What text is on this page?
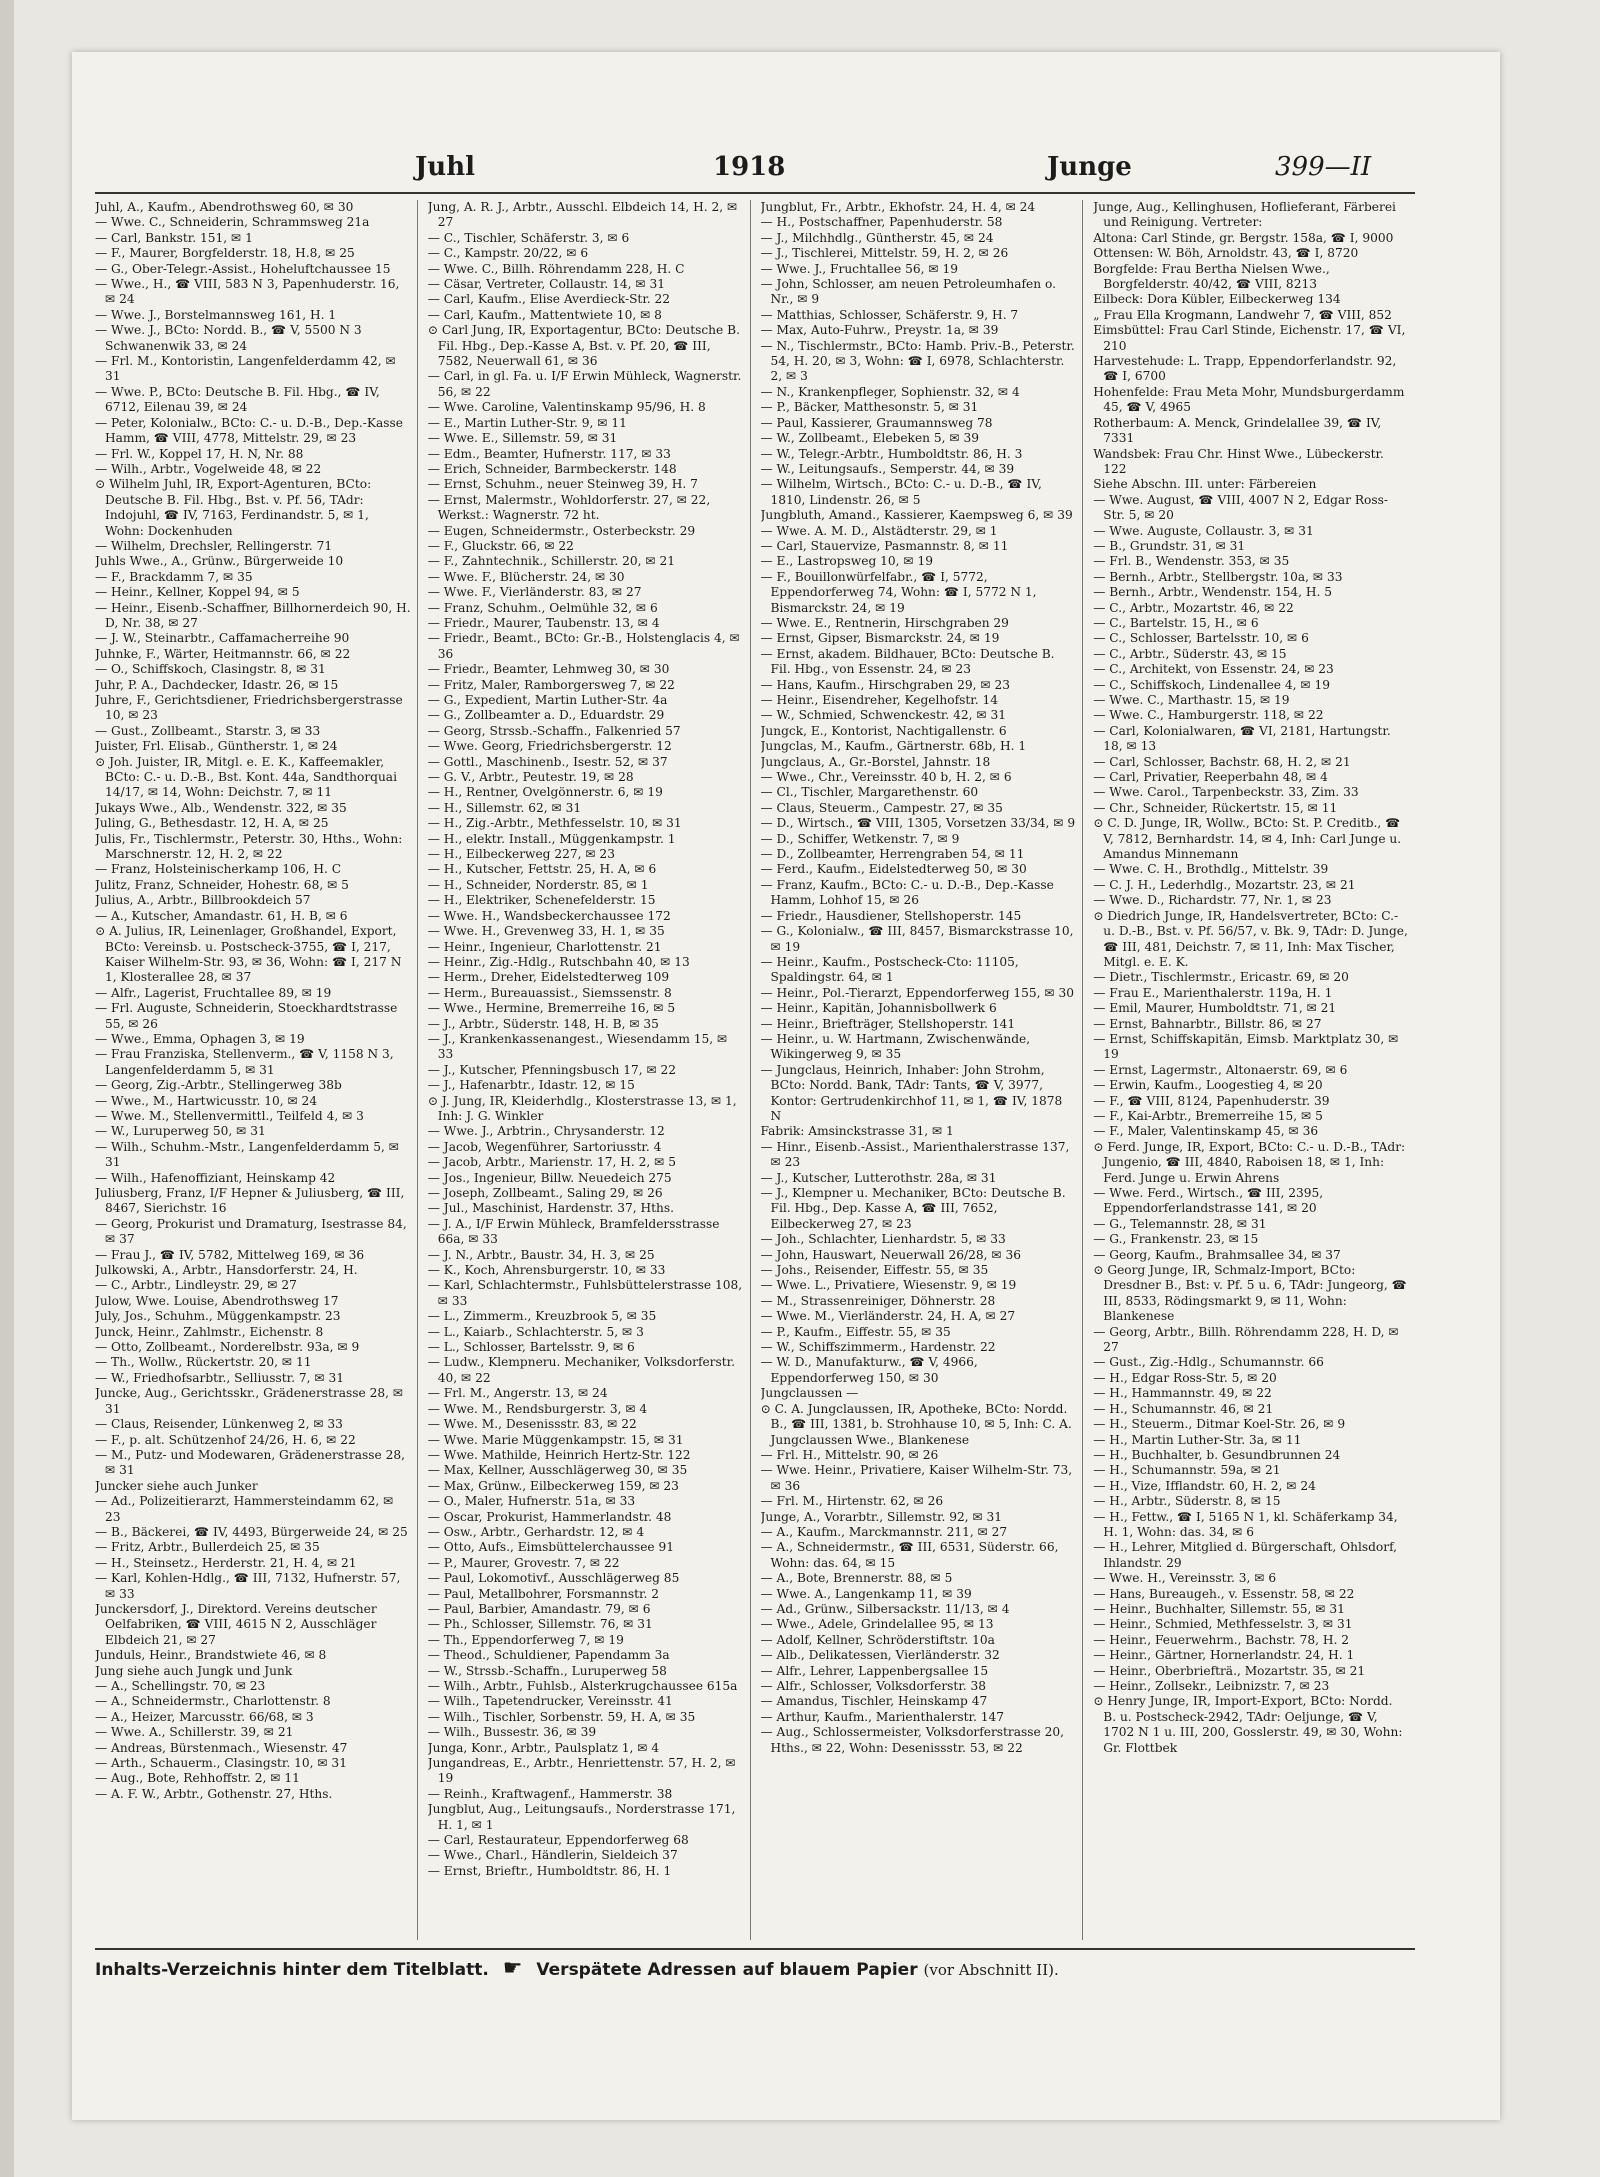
Juhl	1918	Junge	399—II

Juhl, A., Kaufm., Abendrothsweg 60, ✉ 30

— Wwe. C., Schneiderin, Schrammsweg 21a

— Carl, Bankstr. 151, ✉ 1

— F., Maurer, Borgfelderstr. 18, H.8, ✉ 25

— G., Ober-Telegr.-Assist., Hoheluftchaussee 15

— Wwe., H., ☎ VIII, 583 N 3, Papenhuderstr. 16, ✉ 24

— Wwe. J., Borstelmannsweg 161, H. 1

— Wwe. J., BCto: Nordd. B., ☎ V, 5500 N 3 Schwanenwik 33, ✉ 24

— Frl. M., Kontoristin, Langenfelderdamm 42, ✉ 31

— Wwe. P., BCto: Deutsche B. Fil. Hbg., ☎ IV, 6712, Eilenau 39, ✉ 24

— Peter, Kolonialw., BCto: C.- u. D.-B., Dep.-Kasse Hamm, ☎ VIII, 4778, Mittelstr. 29, ✉ 23

— Frl. W., Koppel 17, H. N, Nr. 88

— Wilh., Arbtr., Vogelweide 48, ✉ 22

⊙ Wilhelm Juhl, IR, Export-Agenturen, BCto: Deutsche B. Fil. Hbg., Bst. v. Pf. 56, TAdr: Indojuhl, ☎ IV, 7163, Ferdinandstr. 5, ✉ 1, Wohn: Dockenhuden

— Wilhelm, Drechsler, Rellingerstr. 71

Juhls Wwe., A., Grünw., Bürgerweide 10

— F., Brackdamm 7, ✉ 35

— Heinr., Kellner, Koppel 94, ✉ 5

— Heinr., Eisenb.-Schaffner, Billhornerdeich 90, H. D, Nr. 38, ✉ 27

— J. W., Steinarbtr., Caffamacherreihe 90

Juhnke, F., Wärter, Heitmannstr. 66, ✉ 22

— O., Schiffskoch, Clasingstr. 8, ✉ 31

Juhr, P. A., Dachdecker, Idastr. 26, ✉ 15

Juhre, F., Gerichtsdiener, Friedrichsbergerstrasse 10, ✉ 23

— Gust., Zollbeamt., Starstr. 3, ✉ 33

Juister, Frl. Elisab., Güntherstr. 1, ✉ 24

⊙ Joh. Juister, IR, Mitgl. e. E. K., Kaffeemakler, BCto: C.- u. D.-B., Bst. Kont. 44a, Sandthorquai 14/17, ✉ 14, Wohn: Deichstr. 7, ✉ 11

Jukays Wwe., Alb., Wendenstr. 322, ✉ 35

Juling, G., Bethesdastr. 12, H. A, ✉ 25

Julis, Fr., Tischlermstr., Peterstr. 30, Hths., Wohn: Marschnerstr. 12, H. 2, ✉ 22

— Franz, Holsteinischerkamp 106, H. C

Julitz, Franz, Schneider, Hohestr. 68, ✉ 5

Julius, A., Arbtr., Billbrookdeich 57

— A., Kutscher, Amandastr. 61, H. B, ✉ 6

⊙ A. Julius, IR, Leinenlager, Großhandel, Export, BCto: Vereinsb. u. Postscheck-3755, ☎ I, 217, Kaiser Wilhelm-Str. 93, ✉ 36, Wohn: ☎ I, 217 N 1, Klosterallee 28, ✉ 37

— Alfr., Lagerist, Fruchtallee 89, ✉ 19

— Frl. Auguste, Schneiderin, Stoeckhardtstrasse 55, ✉ 26

— Wwe., Emma, Ophagen 3, ✉ 19

— Frau Franziska, Stellenverm., ☎ V, 1158 N 3, Langenfelderdamm 5, ✉ 31

— Georg, Zig.-Arbtr., Stellingerweg 38b

— Wwe., M., Hartwicusstr. 10, ✉ 24

— Wwe. M., Stellenvermittl., Teilfeld 4, ✉ 3

— W., Luruperweg 50, ✉ 31

— Wilh., Schuhm.-Mstr., Langenfelderdamm 5, ✉ 31

— Wilh., Hafenoffiziant, Heinskamp 42

Juliusberg, Franz, I/F Hepner & Juliusberg, ☎ III, 8467, Sierichstr. 16

— Georg, Prokurist und Dramaturg, Isestrasse 84, ✉ 37

— Frau J., ☎ IV, 5782, Mittelweg 169, ✉ 36

Julkowski, A., Arbtr., Hansdorferstr. 24, H.

— C., Arbtr., Lindleystr. 29, ✉ 27

Julow, Wwe. Louise, Abendrothsweg 17

July, Jos., Schuhm., Müggenkampstr. 23

Junck, Heinr., Zahlmstr., Eichenstr. 8

— Otto, Zollbeamt., Norderelbstr. 93a, ✉ 9

— Th., Wollw., Rückertstr. 20, ✉ 11

— W., Friedhofsarbtr., Selliusstr. 7, ✉ 31

Juncke, Aug., Gerichtsskr., Grädenerstrasse 28, ✉ 31

— Claus, Reisender, Lünkenweg 2, ✉ 33

— F., p. alt. Schützenhof 24/26, H. 6, ✉ 22

— M., Putz- und Modewaren, Grädenerstrasse 28, ✉ 31

Juncker siehe auch Junker

— Ad., Polizeitierarzt, Hammersteindamm 62, ✉ 23

— B., Bäckerei, ☎ IV, 4493, Bürgerweide 24, ✉ 25

— Fritz, Arbtr., Bullerdeich 25, ✉ 35

— H., Steinsetz., Herderstr. 21, H. 4, ✉ 21

— Karl, Kohlen-Hdlg., ☎ III, 7132, Hufnerstr. 57, ✉ 33

Junckersdorf, J., Direktord. Vereins deutscher Oelfabriken, ☎ VIII, 4615 N 2, Ausschläger Elbdeich 21, ✉ 27

Junduls, Heinr., Brandstwiete 46, ✉ 8

Jung siehe auch Jungk und Junk

— A., Schellingstr. 70, ✉ 23

— A., Schneidermstr., Charlottenstr. 8

— A., Heizer, Marcusstr. 66/68, ✉ 3

— Wwe. A., Schillerstr. 39, ✉ 21

— Andreas, Bürstenmach., Wiesenstr. 47

— Arth., Schauerm., Clasingstr. 10, ✉ 31

— Aug., Bote, Rehhoffstr. 2, ✉ 11

— A. F. W., Arbtr., Gothenstr. 27, Hths.

Jung, A. R. J., Arbtr., Ausschl. Elbdeich 14, H. 2, ✉ 27

— C., Tischler, Schäferstr. 3, ✉ 6

— C., Kampstr. 20/22, ✉ 6

— Wwe. C., Billh. Röhrendamm 228, H. C

— Cäsar, Vertreter, Collaustr. 14, ✉ 31

— Carl, Kaufm., Elise Averdieck-Str. 22

— Carl, Kaufm., Mattentwiete 10, ✉ 8

⊙ Carl Jung, IR, Exportagentur, BCto: Deutsche B. Fil. Hbg., Dep.-Kasse A, Bst. v. Pf. 20, ☎ III, 7582, Neuerwall 61, ✉ 36

— Carl, in gl. Fa. u. I/F Erwin Mühleck, Wagnerstr. 56, ✉ 22

— Wwe. Caroline, Valentinskamp 95/96, H. 8

— E., Martin Luther-Str. 9, ✉ 11

— Wwe. E., Sillemstr. 59, ✉ 31

— Edm., Beamter, Hufnerstr. 117, ✉ 33

— Erich, Schneider, Barmbeckerstr. 148

— Ernst, Schuhm., neuer Steinweg 39, H. 7

— Ernst, Malermstr., Wohldorferstr. 27, ✉ 22, Werkst.: Wagnerstr. 72 ht.

— Eugen, Schneidermstr., Osterbeckstr. 29

— F., Gluckstr. 66, ✉ 22

— F., Zahntechnik., Schillerstr. 20, ✉ 21

— Wwe. F., Blücherstr. 24, ✉ 30

— Wwe. F., Vierländerstr. 83, ✉ 27

— Franz, Schuhm., Oelmühle 32, ✉ 6

— Friedr., Maurer, Taubenstr. 13, ✉ 4

— Friedr., Beamt., BCto: Gr.-B., Holstenglacis 4, ✉ 36

— Friedr., Beamter, Lehmweg 30, ✉ 30

— Fritz, Maler, Ramborgersweg 7, ✉ 22

— G., Expedient, Martin Luther-Str. 4a

— G., Zollbeamter a. D., Eduardstr. 29

— Georg, Strssb.-Schaffn., Falkenried 57

— Wwe. Georg, Friedrichsbergerstr. 12

— Gottl., Maschinenb., Isestr. 52, ✉ 37

— G. V., Arbtr., Peutestr. 19, ✉ 28

— H., Rentner, Ovelgönnerstr. 6, ✉ 19

— H., Sillemstr. 62, ✉ 31

— H., Zig.-Arbtr., Methfesselstr. 10, ✉ 31

— H., elektr. Install., Müggenkampstr. 1

— H., Eilbeckerweg 227, ✉ 23

— H., Kutscher, Fettstr. 25, H. A, ✉ 6

— H., Schneider, Norderstr. 85, ✉ 1

— H., Elektriker, Schenefelderstr. 15

— Wwe. H., Wandsbeckerchaussee 172

— Wwe. H., Grevenweg 33, H. 1, ✉ 35

— Heinr., Ingenieur, Charlottenstr. 21

— Heinr., Zig.-Hdlg., Rutschbahn 40, ✉ 13

— Herm., Dreher, Eidelstedterweg 109

— Herm., Bureauassist., Siemssenstr. 8

— Wwe., Hermine, Bremerreihe 16, ✉ 5

— J., Arbtr., Süderstr. 148, H. B, ✉ 35

— J., Krankenkassenangest., Wiesendamm 15, ✉ 33

— J., Kutscher, Pfenningsbusch 17, ✉ 22

— J., Hafenarbtr., Idastr. 12, ✉ 15

⊙ J. Jung, IR, Kleiderhdlg., Klosterstrasse 13, ✉ 1, Inh: J. G. Winkler

— Wwe. J., Arbtrin., Chrysanderstr. 12

— Jacob, Wegenführer, Sartoriusstr. 4

— Jacob, Arbtr., Marienstr. 17, H. 2, ✉ 5

— Jos., Ingenieur, Billw. Neuedeich 275

— Joseph, Zollbeamt., Saling 29, ✉ 26

— Jul., Maschinist, Hardenstr. 37, Hths.

— J. A., I/F Erwin Mühleck, Bramfeldersstrasse 66a, ✉ 33

— J. N., Arbtr., Baustr. 34, H. 3, ✉ 25

— K., Koch, Ahrensburgerstr. 10, ✉ 33

— Karl, Schlachtermstr., Fuhlsbüttelerstrasse 108, ✉ 33

— L., Zimmerm., Kreuzbrook 5, ✉ 35

— L., Kaiarb., Schlachterstr. 5, ✉ 3

— L., Schlosser, Bartelsstr. 9, ✉ 6

— Ludw., Klempneru. Mechaniker, Volksdorferstr. 40, ✉ 22

— Frl. M., Angerstr. 13, ✉ 24

— Wwe. M., Rendsburgerstr. 3, ✉ 4

— Wwe. M., Desenissstr. 83, ✉ 22

— Wwe. Marie Müggenkampstr. 15, ✉ 31

— Wwe. Mathilde, Heinrich Hertz-Str. 122

— Max, Kellner, Ausschlägerweg 30, ✉ 35

— Max, Grünw., Eilbeckerweg 159, ✉ 23

— O., Maler, Hufnerstr. 51a, ✉ 33

— Oscar, Prokurist, Hammerlandstr. 48

— Osw., Arbtr., Gerhardstr. 12, ✉ 4

— Otto, Aufs., Eimsbüttelerchaussee 91

— P., Maurer, Grovestr. 7, ✉ 22

— Paul, Lokomotivf., Ausschlägerweg 85

— Paul, Metallbohrer, Forsmannstr. 2

— Paul, Barbier, Amandastr. 79, ✉ 6

— Ph., Schlosser, Sillemstr. 76, ✉ 31

— Th., Eppendorferweg 7, ✉ 19

— Theod., Schuldiener, Papendamm 3a

— W., Strssb.-Schaffn., Luruperweg 58

— Wilh., Arbtr., Fuhlsb., Alsterkrugchaussee 615a

— Wilh., Tapetendrucker, Vereinsstr. 41

— Wilh., Tischler, Sorbenstr. 59, H. A, ✉ 35

— Wilh., Bussestr. 36, ✉ 39

Junga, Konr., Arbtr., Paulsplatz 1, ✉ 4

Jungandreas, E., Arbtr., Henriettenstr. 57, H. 2, ✉ 19

— Reinh., Kraftwagenf., Hammerstr. 38

Jungblut, Aug., Leitungsaufs., Norderstrasse 171, H. 1, ✉ 1

— Carl, Restaurateur, Eppendorferweg 68

— Wwe., Charl., Händlerin, Sieldeich 37

— Ernst, Brieftr., Humboldtstr. 86, H. 1

Jungblut, Fr., Arbtr., Ekhofstr. 24, H. 4, ✉ 24

— H., Postschaffner, Papenhuderstr. 58

— J., Milchhdlg., Güntherstr. 45, ✉ 24

— J., Tischlerei, Mittelstr. 59, H. 2, ✉ 26

— Wwe. J., Fruchtallee 56, ✉ 19

— John, Schlosser, am neuen Petroleumhafen o. Nr., ✉ 9

— Matthias, Schlosser, Schäferstr. 9, H. 7

— Max, Auto-Fuhrw., Preystr. 1a, ✉ 39

— N., Tischlermstr., BCto: Hamb. Priv.-B., Peterstr. 54, H. 20, ✉ 3, Wohn: ☎ I, 6978, Schlachterstr. 2, ✉ 3

— N., Krankenpfleger, Sophienstr. 32, ✉ 4

— P., Bäcker, Matthesonstr. 5, ✉ 31

— Paul, Kassierer, Graumannsweg 78

— W., Zollbeamt., Elebeken 5, ✉ 39

— W., Telegr.-Arbtr., Humboldtstr. 86, H. 3

— W., Leitungsaufs., Semperstr. 44, ✉ 39

— Wilhelm, Wirtsch., BCto: C.- u. D.-B., ☎ IV, 1810, Lindenstr. 26, ✉ 5

Jungbluth, Amand., Kassierer, Kaempsweg 6, ✉ 39

— Wwe. A. M. D., Alstädterstr. 29, ✉ 1

— Carl, Stauervize, Pasmannstr. 8, ✉ 11

— E., Lastropsweg 10, ✉ 19

— F., Bouillonwürfelfabr., ☎ I, 5772, Eppendorferweg 74, Wohn: ☎ I, 5772 N 1, Bismarckstr. 24, ✉ 19

— Wwe. E., Rentnerin, Hirschgraben 29

— Ernst, Gipser, Bismarckstr. 24, ✉ 19

— Ernst, akadem. Bildhauer, BCto: Deutsche B. Fil. Hbg., von Essenstr. 24, ✉ 23

— Hans, Kaufm., Hirschgraben 29, ✉ 23

— Heinr., Eisendreher, Kegelhofstr. 14

— W., Schmied, Schwenckestr. 42, ✉ 31

Jungck, E., Kontorist, Nachtigallenstr. 6

Jungclas, M., Kaufm., Gärtnerstr. 68b, H. 1

Jungclaus, A., Gr.-Borstel, Jahnstr. 18

— Wwe., Chr., Vereinsstr. 40 b, H. 2, ✉ 6

— Cl., Tischler, Margarethenstr. 60

— Claus, Steuerm., Campestr. 27, ✉ 35

— D., Wirtsch., ☎ VIII, 1305, Vorsetzen 33/34, ✉ 9

— D., Schiffer, Wetkenstr. 7, ✉ 9

— D., Zollbeamter, Herrengraben 54, ✉ 11

— Ferd., Kaufm., Eidelstedterweg 50, ✉ 30

— Franz, Kaufm., BCto: C.- u. D.-B., Dep.-Kasse Hamm, Lohhof 15, ✉ 26

— Friedr., Hausdiener, Stellshoperstr. 145

— G., Kolonialw., ☎ III, 8457, Bismarckstrasse 10, ✉ 19

— Heinr., Kaufm., Postscheck-Cto: 11105, Spaldingstr. 64, ✉ 1

— Heinr., Pol.-Tierarzt, Eppendorferweg 155, ✉ 30

— Heinr., Kapitän, Johannisbollwerk 6

— Heinr., Briefträger, Stellshoperstr. 141

— Heinr., u. W. Hartmann, Zwischenwände, Wikingerweg 9, ✉ 35

— Jungclaus, Heinrich, Inhaber: John Strohm, BCto: Nordd. Bank, TAdr: Tants, ☎ V, 3977, Kontor: Gertrudenkirchhof 11, ✉ 1, ☎ IV, 1878 N

Fabrik: Amsinckstrasse 31, ✉ 1

— Hinr., Eisenb.-Assist., Marienthalerstrasse 137, ✉ 23

— J., Kutscher, Lutterothstr. 28a, ✉ 31

— J., Klempner u. Mechaniker, BCto: Deutsche B. Fil. Hbg., Dep. Kasse A, ☎ III, 7652, Eilbeckerweg 27, ✉ 23

— Joh., Schlachter, Lienhardstr. 5, ✉ 33

— John, Hauswart, Neuerwall 26/28, ✉ 36

— Johs., Reisender, Eiffestr. 55, ✉ 35

— Wwe. L., Privatiere, Wiesenstr. 9, ✉ 19

— M., Strassenreiniger, Döhnerstr. 28

— Wwe. M., Vierländerstr. 24, H. A, ✉ 27

— P., Kaufm., Eiffestr. 55, ✉ 35

— W., Schiffszimmerm., Hardenstr. 22

— W. D., Manufakturw., ☎ V, 4966, Eppendorferweg 150, ✉ 30

Jungclaussen —

⊙ C. A. Jungclaussen, IR, Apotheke, BCto: Nordd. B., ☎ III, 1381, b. Strohhause 10, ✉ 5, Inh: C. A. Jungclaussen Wwe., Blankenese

— Frl. H., Mittelstr. 90, ✉ 26

— Wwe. Heinr., Privatiere, Kaiser Wilhelm-Str. 73, ✉ 36

— Frl. M., Hirtenstr. 62, ✉ 26

Junge, A., Vorarbtr., Sillemstr. 92, ✉ 31

— A., Kaufm., Marckmannstr. 211, ✉ 27

— A., Schneidermstr., ☎ III, 6531, Süderstr. 66, Wohn: das. 64, ✉ 15

— A., Bote, Brennerstr. 88, ✉ 5

— Wwe. A., Langenkamp 11, ✉ 39

— Ad., Grünw., Silbersackstr. 11/13, ✉ 4

— Wwe., Adele, Grindelallee 95, ✉ 13

— Adolf, Kellner, Schröderstiftstr. 10a

— Alb., Delikatessen, Vierländerstr. 32

— Alfr., Lehrer, Lappenbergsallee 15

— Alfr., Schlosser, Volksdorferstr. 38

— Amandus, Tischler, Heinskamp 47

— Arthur, Kaufm., Marienthalerstr. 147

— Aug., Schlossermeister, Volksdorferstrasse 20, Hths., ✉ 22, Wohn: Desenissstr. 53, ✉ 22

Junge, Aug., Kellinghusen, Hoflieferant, Färberei und Reinigung. Vertreter:

Altona: Carl Stinde, gr. Bergstr. 158a, ☎ I, 9000

Ottensen: W. Böh, Arnoldstr. 43, ☎ I, 8720

Borgfelde: Frau Bertha Nielsen Wwe., Borgfelderstr. 40/42, ☎ VIII, 8213

Eilbeck: Dora Kübler, Eilbeckerweg 134

„ Frau Ella Krogmann, Landwehr 7, ☎ VIII, 852

Eimsbüttel: Frau Carl Stinde, Eichenstr. 17, ☎ VI, 210

Harvestehude: L. Trapp, Eppendorferlandstr. 92, ☎ I, 6700

Hohenfelde: Frau Meta Mohr, Mundsburgerdamm 45, ☎ V, 4965

Rotherbaum: A. Menck, Grindelallee 39, ☎ IV, 7331

Wandsbek: Frau Chr. Hinst Wwe., Lübeckerstr. 122

Siehe Abschn. III. unter: Färbereien

— Wwe. August, ☎ VIII, 4007 N 2, Edgar Ross-Str. 5, ✉ 20

— Wwe. Auguste, Collaustr. 3, ✉ 31

— B., Grundstr. 31, ✉ 31

— Frl. B., Wendenstr. 353, ✉ 35

— Bernh., Arbtr., Stellbergstr. 10a, ✉ 33

— Bernh., Arbtr., Wendenstr. 154, H. 5

— C., Arbtr., Mozartstr. 46, ✉ 22

— C., Bartelstr. 15, H., ✉ 6

— C., Schlosser, Bartelsstr. 10, ✉ 6

— C., Arbtr., Süderstr. 43, ✉ 15

— C., Architekt, von Essenstr. 24, ✉ 23

— C., Schiffskoch, Lindenallee 4, ✉ 19

— Wwe. C., Marthastr. 15, ✉ 19

— Wwe. C., Hamburgerstr. 118, ✉ 22

— Carl, Kolonialwaren, ☎ VI, 2181, Hartungstr. 18, ✉ 13

— Carl, Schlosser, Bachstr. 68, H. 2, ✉ 21

— Carl, Privatier, Reeperbahn 48, ✉ 4

— Wwe. Carol., Tarpenbeckstr. 33, Zim. 33

— Chr., Schneider, Rückertstr. 15, ✉ 11

⊙ C. D. Junge, IR, Wollw., BCto: St. P. Creditb., ☎ V, 7812, Bernhardstr. 14, ✉ 4, Inh: Carl Junge u. Amandus Minnemann

— Wwe. C. H., Brothdlg., Mittelstr. 39

— C. J. H., Lederhdlg., Mozartstr. 23, ✉ 21

— Wwe. D., Richardstr. 77, Nr. 1, ✉ 23

⊙ Diedrich Junge, IR, Handelsvertreter, BCto: C.- u. D.-B., Bst. v. Pf. 56/57, v. Bk. 9, TAdr: D. Junge, ☎ III, 481, Deichstr. 7, ✉ 11, Inh: Max Tischer, Mitgl. e. E. K.

— Dietr., Tischlermstr., Ericastr. 69, ✉ 20

— Frau E., Marienthalerstr. 119a, H. 1

— Emil, Maurer, Humboldtstr. 71, ✉ 21

— Ernst, Bahnarbtr., Billstr. 86, ✉ 27

— Ernst, Schiffskapitän, Eimsb. Marktplatz 30, ✉ 19

— Ernst, Lagermstr., Altonaerstr. 69, ✉ 6

— Erwin, Kaufm., Loogestieg 4, ✉ 20

— F., ☎ VIII, 8124, Papenhuderstr. 39

— F., Kai-Arbtr., Bremerreihe 15, ✉ 5

— F., Maler, Valentinskamp 45, ✉ 36

⊙ Ferd. Junge, IR, Export, BCto: C.- u. D.-B., TAdr: Jungenio, ☎ III, 4840, Raboisen 18, ✉ 1, Inh: Ferd. Junge u. Erwin Ahrens

— Wwe. Ferd., Wirtsch., ☎ III, 2395, Eppendorferlandstrasse 141, ✉ 20

— G., Telemannstr. 28, ✉ 31

— G., Frankenstr. 23, ✉ 15

— Georg, Kaufm., Brahmsallee 34, ✉ 37

⊙ Georg Junge, IR, Schmalz-Import, BCto: Dresdner B., Bst: v. Pf. 5 u. 6, TAdr: Jungeorg, ☎ III, 8533, Rödingsmarkt 9, ✉ 11, Wohn: Blankenese

— Georg, Arbtr., Billh. Röhrendamm 228, H. D, ✉ 27

— Gust., Zig.-Hdlg., Schumannstr. 66

— H., Edgar Ross-Str. 5, ✉ 20

— H., Hammannstr. 49, ✉ 22

— H., Schumannstr. 46, ✉ 21

— H., Steuerm., Ditmar Koel-Str. 26, ✉ 9

— H., Martin Luther-Str. 3a, ✉ 11

— H., Buchhalter, b. Gesundbrunnen 24

— H., Schumannstr. 59a, ✉ 21

— H., Vize, Ifflandstr. 60, H. 2, ✉ 24

— H., Arbtr., Süderstr. 8, ✉ 15

— H., Fettw., ☎ I, 5165 N 1, kl. Schäferkamp 34, H. 1, Wohn: das. 34, ✉ 6

— H., Lehrer, Mitglied d. Bürgerschaft, Ohlsdorf, Ihlandstr. 29

— Wwe. H., Vereinsstr. 3, ✉ 6

— Hans, Bureaugeh., v. Essenstr. 58, ✉ 22

— Heinr., Buchhalter, Sillemstr. 55, ✉ 31

— Heinr., Schmied, Methfesselstr. 3, ✉ 31

— Heinr., Feuerwehrm., Bachstr. 78, H. 2

— Heinr., Gärtner, Hornerlandstr. 24, H. 1

— Heinr., Oberbriefträ., Mozartstr. 35, ✉ 21

— Heinr., Zollsekr., Leibnizstr. 7, ✉ 23

⊙ Henry Junge, IR, Import-Export, BCto: Nordd. B. u. Postscheck-2942, TAdr: Oeljunge, ☎ V, 1702 N 1 u. III, 200, Gosslerstr. 49, ✉ 30, Wohn: Gr. Flottbek

Inhalts-Verzeichnis hinter dem Titelblatt. ☛ Verspätete Adressen auf blauem Papier (vor Abschnitt II).
